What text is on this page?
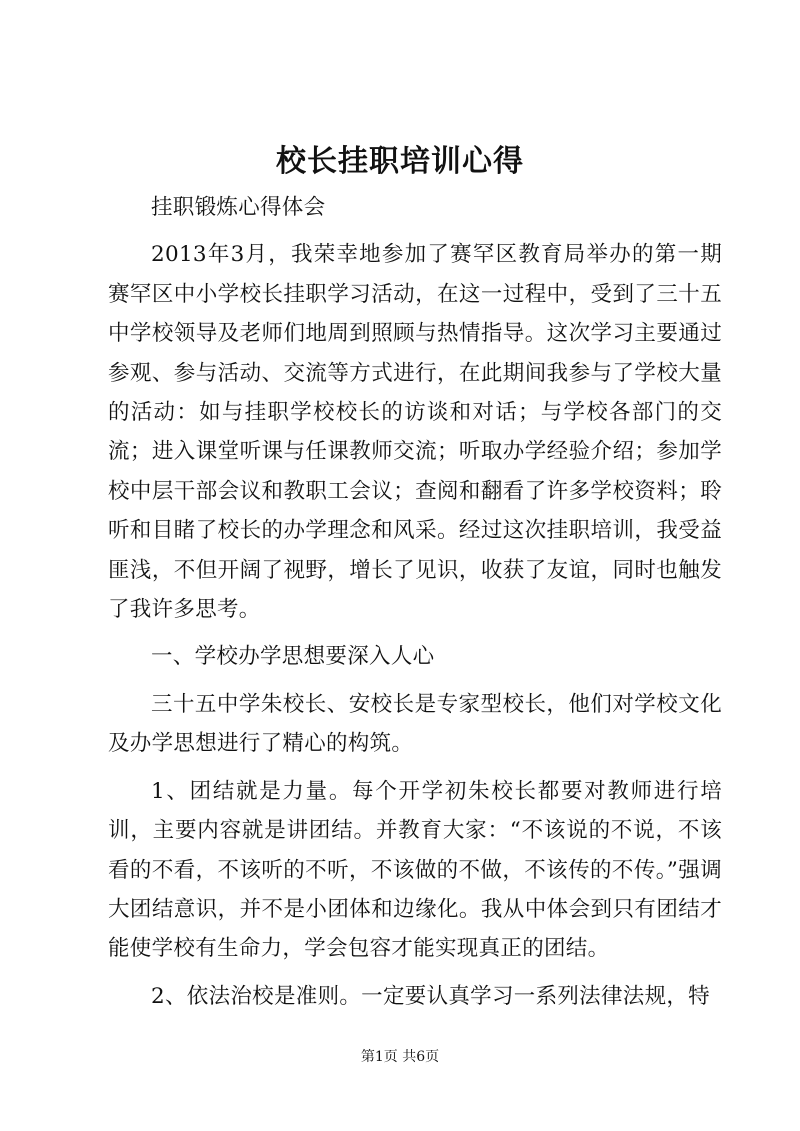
校长挂职培训心得

挂职锻炼心得体会

2013年3月，我荣幸地参加了赛罕区教育局举办的第一期赛罕区中小学校长挂职学习活动，在这一过程中，受到了三十五中学校领导及老师们地周到照顾与热情指导。这次学习主要通过参观、参与活动、交流等方式进行，在此期间我参与了学校大量的活动：如与挂职学校校长的访谈和对话；与学校各部门的交流；进入课堂听课与任课教师交流；听取办学经验介绍；参加学校中层干部会议和教职工会议；查阅和翻看了许多学校资料；聆听和目睹了校长的办学理念和风采。经过这次挂职培训，我受益匪浅，不但开阔了视野，增长了见识，收获了友谊，同时也触发了我许多思考。

一、学校办学思想要深入人心

三十五中学朱校长、安校长是专家型校长，他们对学校文化及办学思想进行了精心的构筑。

1、团结就是力量。每个开学初朱校长都要对教师进行培训，主要内容就是讲团结。并教育大家：“不该说的不说，不该看的不看，不该听的不听，不该做的不做，不该传的不传。”强调大团结意识，并不是小团体和边缘化。我从中体会到只有团结才能使学校有生命力，学会包容才能实现真正的团结。

2、依法治校是准则。一定要认真学习一系列法律法规，特

第1页 共6页
